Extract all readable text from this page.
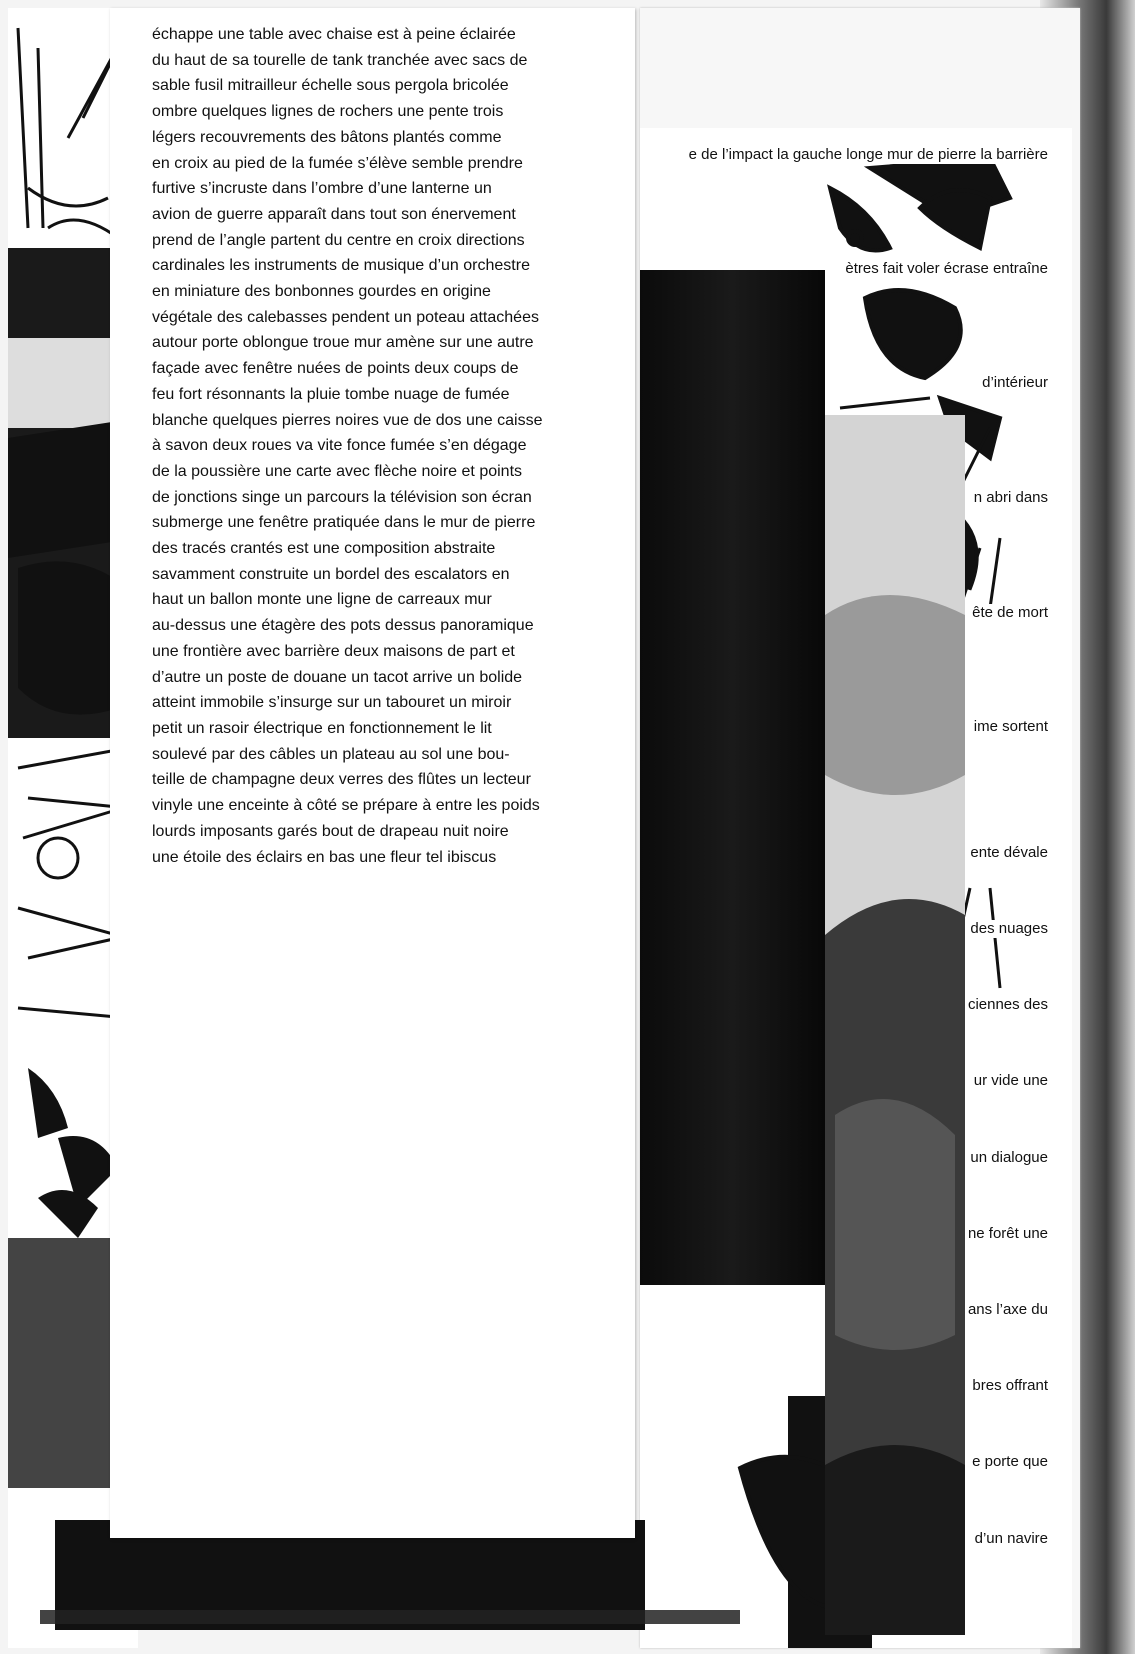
e de l’impact la gauche longe mur de pierre la barrière
ètres fait voler écrase entraîne
d’intérieur
n abri dans
ête de mort
ime sortent
ente dévale
des nuages
ciennes des
ur vide une
un dialogue
ne forêt une
ans l’axe du
bres offrant
e porte que
d’un navire

échappe une table avec chaise est à peine éclairée
du haut de sa tourelle de tank tranchée avec sacs de
sable fusil mitrailleur échelle sous pergola bricolée
ombre quelques lignes de rochers une pente trois
légers recouvrements des bâtons plantés comme
en croix au pied de la fumée s’élève semble prendre
furtive s’incruste dans l’ombre d’une lanterne un
avion de guerre apparaît dans tout son énervement
prend de l’angle partent du centre en croix directions
cardinales les instruments de musique d’un orchestre
en miniature des bonbonnes gourdes en origine
végétale des calebasses pendent un poteau attachées
autour porte oblongue troue mur amène sur une autre
façade avec fenêtre nuées de points deux coups de
feu fort résonnants la pluie tombe nuage de fumée
blanche quelques pierres noires vue de dos une caisse
à savon deux roues va vite fonce fumée s’en dégage
de la poussière une carte avec flèche noire et points
de jonctions singe un parcours la télévision son écran
submerge une fenêtre pratiquée dans le mur de pierre
des tracés crantés est une composition abstraite
savamment construite un bordel des escalators en
haut un ballon monte une ligne de carreaux mur
au-dessus une étagère des pots dessus panoramique
une frontière avec barrière deux maisons de part et
d’autre un poste de douane un tacot arrive un bolide
atteint immobile s’insurge sur un tabouret un miroir
petit un rasoir électrique en fonctionnement le lit
soulevé par des câbles un plateau au sol une bou-
teille de champagne deux verres des flûtes un lecteur
vinyle une enceinte à côté se prépare à entre les poids
lourds imposants garés bout de drapeau nuit noire
une étoile des éclairs en bas une fleur tel ibiscus
